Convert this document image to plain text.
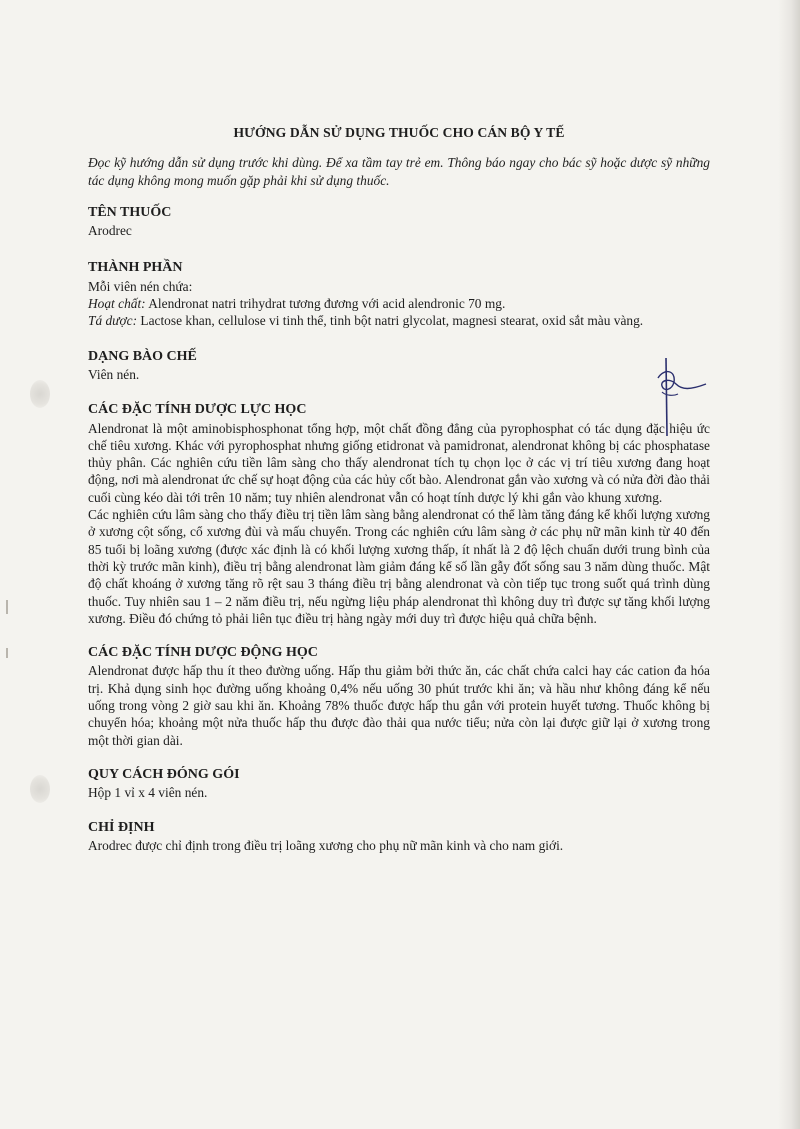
HƯỚNG DẪN SỬ DỤNG THUỐC CHO CÁN BỘ Y TẾ

Đọc kỹ hướng dẫn sử dụng trước khi dùng. Để xa tầm tay trẻ em. Thông báo ngay cho bác sỹ hoặc dược sỹ những tác dụng không mong muốn gặp phải khi sử dụng thuốc.

TÊN THUỐC

Arodrec

THÀNH PHẦN

Mỗi viên nén chứa:

Hoạt chất: Alendronat natri trihydrat tương đương với acid alendronic 70 mg.

Tá dược: Lactose khan, cellulose vi tinh thể, tinh bột natri glycolat, magnesi stearat, oxid sắt màu vàng.

DẠNG BÀO CHẾ

Viên nén.

CÁC ĐẶC TÍNH DƯỢC LỰC HỌC

Alendronat là một aminobisphosphonat tổng hợp, một chất đồng đẳng của pyrophosphat có tác dụng đặc hiệu ức chế tiêu xương. Khác với pyrophosphat nhưng giống etidronat và pamidronat, alendronat không bị các phosphatase thủy phân. Các nghiên cứu tiền lâm sàng cho thấy alendronat tích tụ chọn lọc ở các vị trí tiêu xương đang hoạt động, nơi mà alendronat ức chế sự hoạt động của các hủy cốt bào. Alendronat gắn vào xương và có nửa đời đào thải cuối cùng kéo dài tới trên 10 năm; tuy nhiên alendronat vẫn có hoạt tính dược lý khi gắn vào khung xương.

Các nghiên cứu lâm sàng cho thấy điều trị tiền lâm sàng bằng alendronat có thể làm tăng đáng kể khối lượng xương ở xương cột sống, cổ xương đùi và mấu chuyển. Trong các nghiên cứu lâm sàng ở các phụ nữ mãn kinh từ 40 đến 85 tuổi bị loãng xương (được xác định là có khối lượng xương thấp, ít nhất là 2 độ lệch chuẩn dưới trung bình của thời kỳ trước mãn kinh), điều trị bằng alendronat làm giảm đáng kể số lần gẫy đốt sống sau 3 năm dùng thuốc. Mật độ chất khoáng ở xương tăng rõ rệt sau 3 tháng điều trị bằng alendronat và còn tiếp tục trong suốt quá trình dùng thuốc. Tuy nhiên sau 1 – 2 năm điều trị, nếu ngừng liệu pháp alendronat thì không duy trì được sự tăng khối lượng xương. Điều đó chứng tỏ phải liên tục điều trị hàng ngày mới duy trì được hiệu quả chữa bệnh.

CÁC ĐẶC TÍNH DƯỢC ĐỘNG HỌC

Alendronat được hấp thu ít theo đường uống. Hấp thu giảm bởi thức ăn, các chất chứa calci hay các cation đa hóa trị. Khả dụng sinh học đường uống khoảng 0,4% nếu uống 30 phút trước khi ăn; và hầu như không đáng kể nếu uống trong vòng 2 giờ sau khi ăn. Khoảng 78% thuốc được hấp thu gắn với protein huyết tương. Thuốc không bị chuyển hóa; khoảng một nửa thuốc hấp thu được đào thải qua nước tiểu; nửa còn lại được giữ lại ở xương trong một thời gian dài.

QUY CÁCH ĐÓNG GÓI

Hộp 1 vỉ x 4 viên nén.

CHỈ ĐỊNH

Arodrec được chỉ định trong điều trị loãng xương cho phụ nữ mãn kinh và cho nam giới.
